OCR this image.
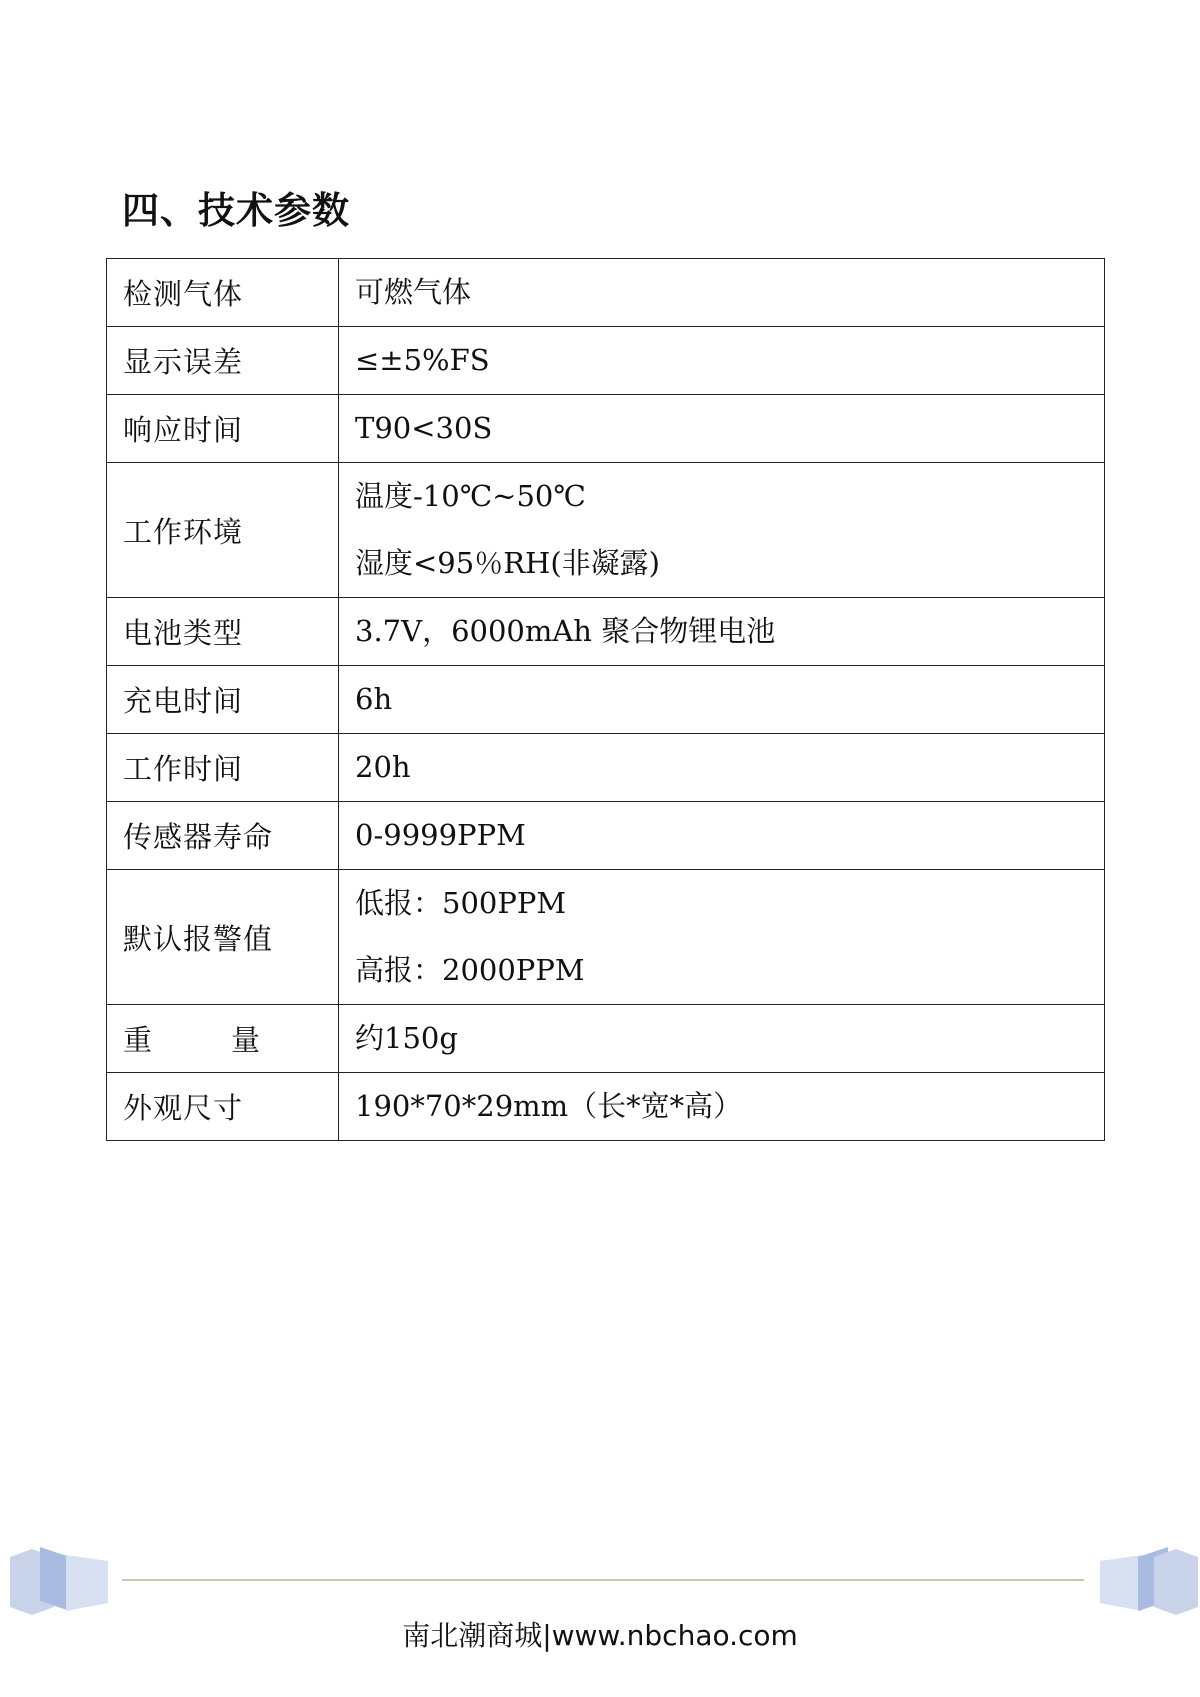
四、技术参数
检测气体	可燃气体

显示误差	≤±5%FS

响应时间	T90<30S

工作环境	温度-10℃~50℃
湿度<95％RH(非凝露)

电池类型	3.7V，6000mAh 聚合物锂电池

充电时间	6h

工作时间	20h

传感器寿命	0-9999PPM

默认报警值	低报：500PPM
高报：2000PPM

重　　量	约150g

外观尺寸	190*70*29mm（长*宽*高）
南北潮商城|www.nbchao.com
